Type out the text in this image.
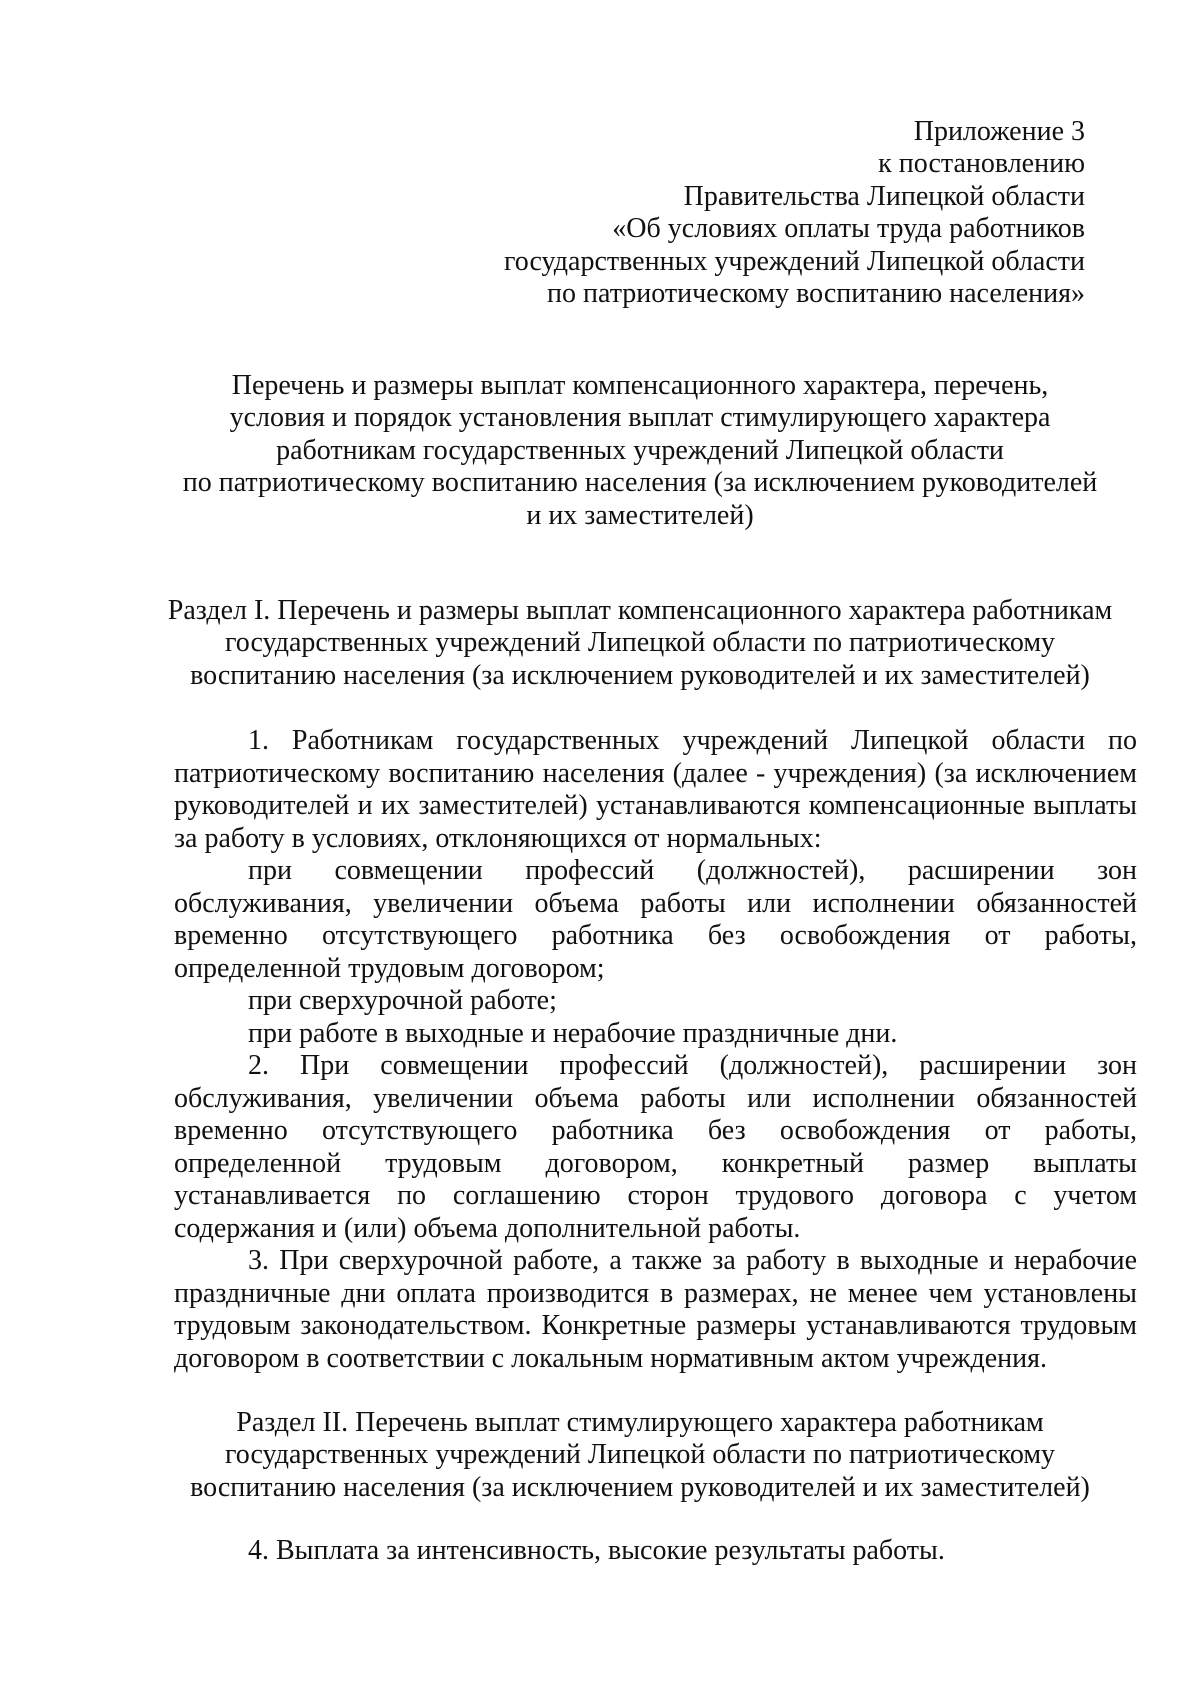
Приложение 3
к постановлению
Правительства Липецкой области
«Об условиях оплаты труда работников
государственных учреждений Липецкой области
по патриотическому воспитанию населения»
Перечень и размеры выплат компенсационного характера, перечень,
условия и порядок установления выплат стимулирующего характера
работникам государственных учреждений Липецкой области
по патриотическому воспитанию населения (за исключением руководителей
и их заместителей)
Раздел I. Перечень и размеры выплат компенсационного характера работникам
государственных учреждений Липецкой области по патриотическому
воспитанию населения (за исключением руководителей и их заместителей)

1. Работникам государственных учреждений Липецкой области по патриотическому воспитанию населения (далее - учреждения) (за исключением руководителей и их заместителей) устанавливаются компенсационные выплаты за работу в условиях, отклоняющихся от нормальных:

при совмещении профессий (должностей), расширении зон обслуживания, увеличении объема работы или исполнении обязанностей временно отсутствующего работника без освобождения от работы, определенной трудовым договором;

при сверхурочной работе;

при работе в выходные и нерабочие праздничные дни.

2. При совмещении профессий (должностей), расширении зон обслуживания, увеличении объема работы или исполнении обязанностей временно отсутствующего работника без освобождения от работы, определенной трудовым договором, конкретный размер выплаты устанавливается по соглашению сторон трудового договора с учетом содержания и (или) объема дополнительной работы.

3. При сверхурочной работе, а также за работу в выходные и нерабочие праздничные дни оплата производится в размерах, не менее чем установлены трудовым законодательством. Конкретные размеры устанавливаются трудовым договором в соответствии с локальным нормативным актом учреждения.

Раздел II. Перечень выплат стимулирующего характера работникам
государственных учреждений Липецкой области по патриотическому
воспитанию населения (за исключением руководителей и их заместителей)
4. Выплата за интенсивность, высокие результаты работы.
